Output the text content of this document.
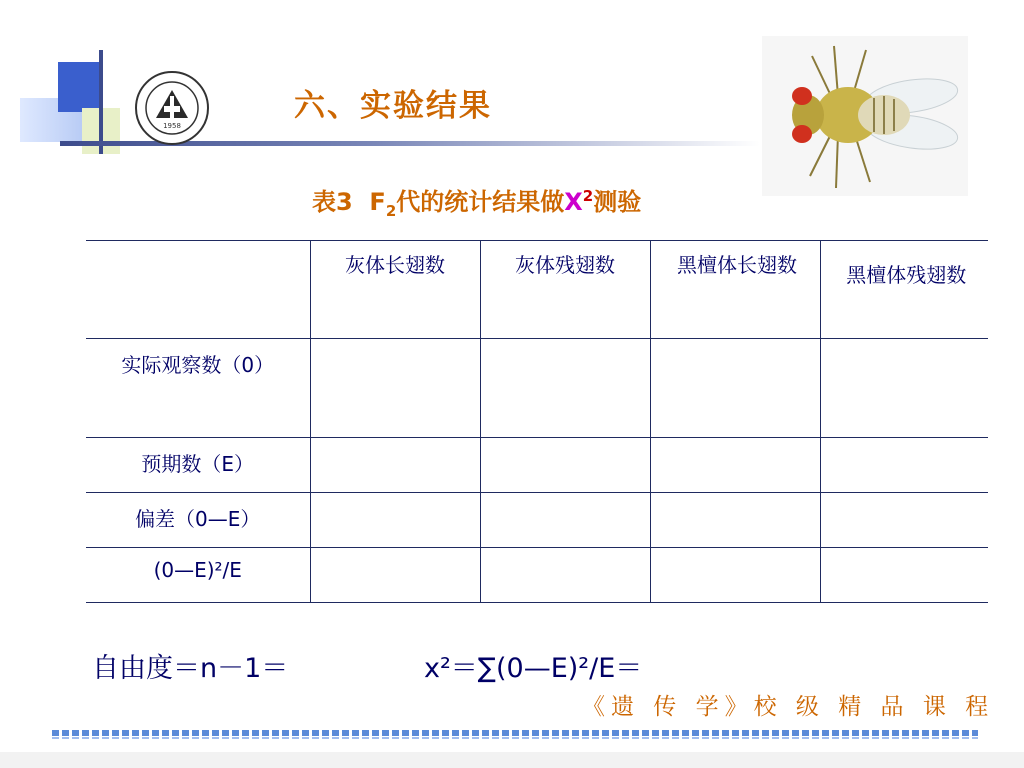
1958
六、实验结果
表3 $F_2$代的统计结果做$X^2$测验
	灰体长翅数	灰体残翅数	黑檀体长翅数	黑檀体残翅数
实际观察数（0）				
预期数（E）				
偏差（0—E）				
(0—E)²/E				
自由度＝n－1＝	x²＝∑(0—E)²/E＝
《遗 传 学》校 级 精 品 课 程
